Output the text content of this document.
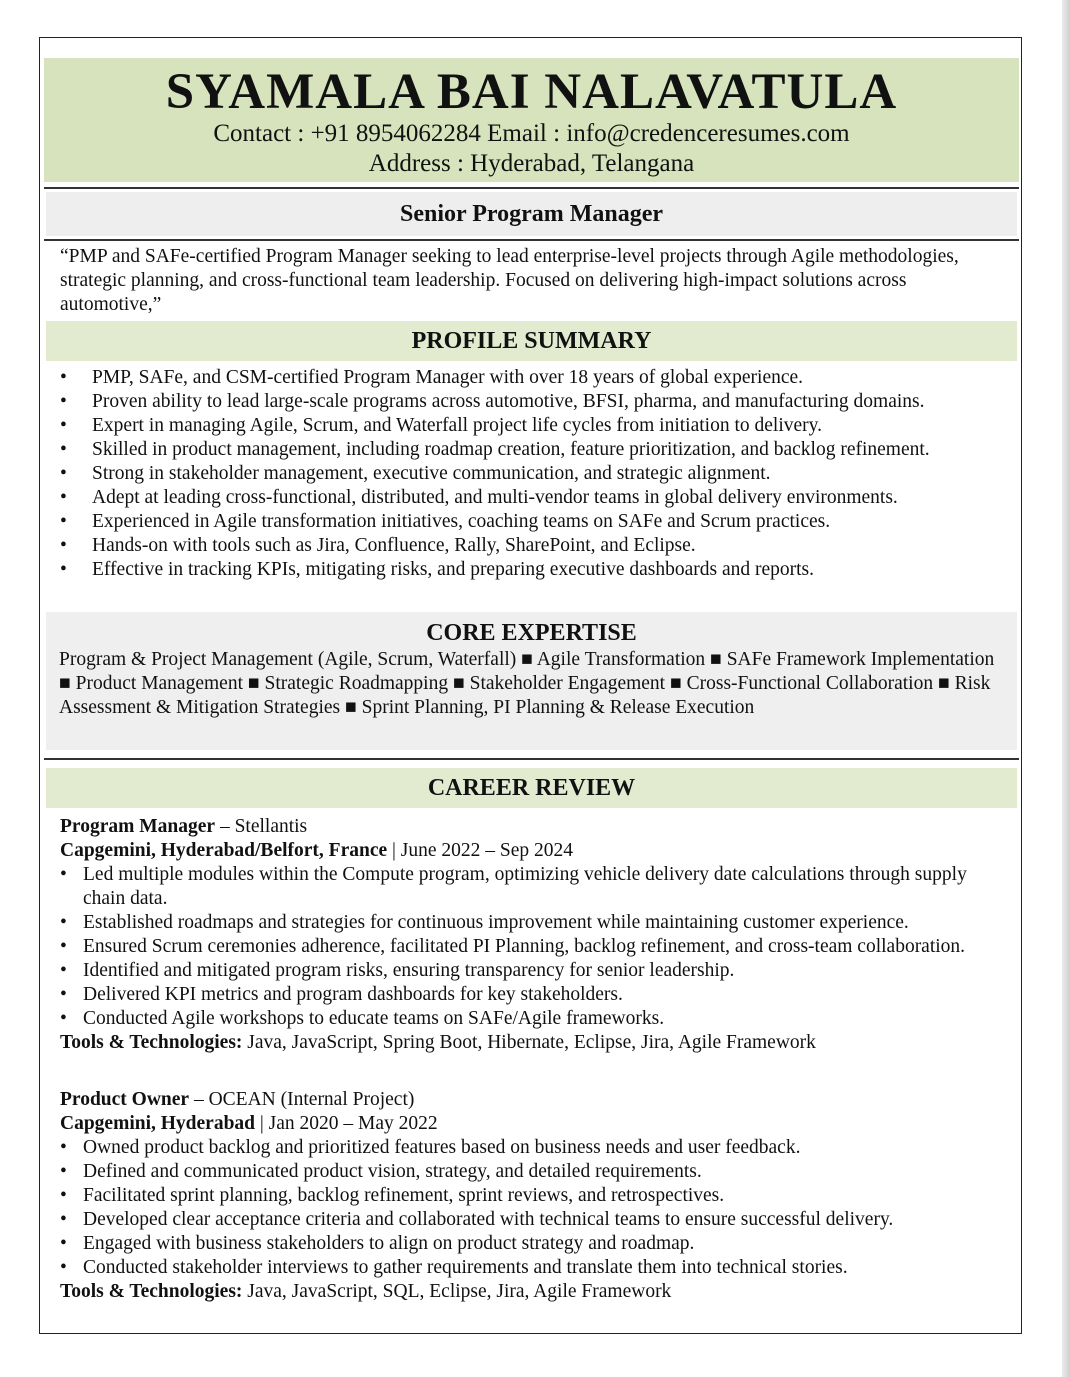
SYAMALA BAI NALAVATULA
Contact : +91 8954062284 Email : info@credenceresumes.com
Address : Hyderabad, Telangana
Senior Program Manager
“PMP and SAFe-certified Program Manager seeking to lead enterprise-level projects through Agile methodologies, strategic planning, and cross-functional team leadership. Focused on delivering high-impact solutions across automotive,”
PROFILE SUMMARY
• PMP, SAFe, and CSM-certified Program Manager with over 18 years of global experience.
• Proven ability to lead large-scale programs across automotive, BFSI, pharma, and manufacturing domains.
• Expert in managing Agile, Scrum, and Waterfall project life cycles from initiation to delivery.
• Skilled in product management, including roadmap creation, feature prioritization, and backlog refinement.
• Strong in stakeholder management, executive communication, and strategic alignment.
• Adept at leading cross-functional, distributed, and multi-vendor teams in global delivery environments.
• Experienced in Agile transformation initiatives, coaching teams on SAFe and Scrum practices.
• Hands-on with tools such as Jira, Confluence, Rally, SharePoint, and Eclipse.
• Effective in tracking KPIs, mitigating risks, and preparing executive dashboards and reports.
CORE EXPERTISE
Program & Project Management (Agile, Scrum, Waterfall) ■ Agile Transformation ■ SAFe Framework Implementation ■ Product Management ■ Strategic Roadmapping ■ Stakeholder Engagement ■ Cross-Functional Collaboration ■ Risk Assessment & Mitigation Strategies ■ Sprint Planning, PI Planning & Release Execution
CAREER REVIEW
Program Manager – Stellantis
Capgemini, Hyderabad/Belfort, France | June 2022 – Sep 2024
• Led multiple modules within the Compute program, optimizing vehicle delivery date calculations through supply chain data.
• Established roadmaps and strategies for continuous improvement while maintaining customer experience.
• Ensured Scrum ceremonies adherence, facilitated PI Planning, backlog refinement, and cross-team collaboration.
• Identified and mitigated program risks, ensuring transparency for senior leadership.
• Delivered KPI metrics and program dashboards for key stakeholders.
• Conducted Agile workshops to educate teams on SAFe/Agile frameworks.
Tools & Technologies: Java, JavaScript, Spring Boot, Hibernate, Eclipse, Jira, Agile Framework
Product Owner – OCEAN (Internal Project)
Capgemini, Hyderabad | Jan 2020 – May 2022
• Owned product backlog and prioritized features based on business needs and user feedback.
• Defined and communicated product vision, strategy, and detailed requirements.
• Facilitated sprint planning, backlog refinement, sprint reviews, and retrospectives.
• Developed clear acceptance criteria and collaborated with technical teams to ensure successful delivery.
• Engaged with business stakeholders to align on product strategy and roadmap.
• Conducted stakeholder interviews to gather requirements and translate them into technical stories.
Tools & Technologies: Java, JavaScript, SQL, Eclipse, Jira, Agile Framework
